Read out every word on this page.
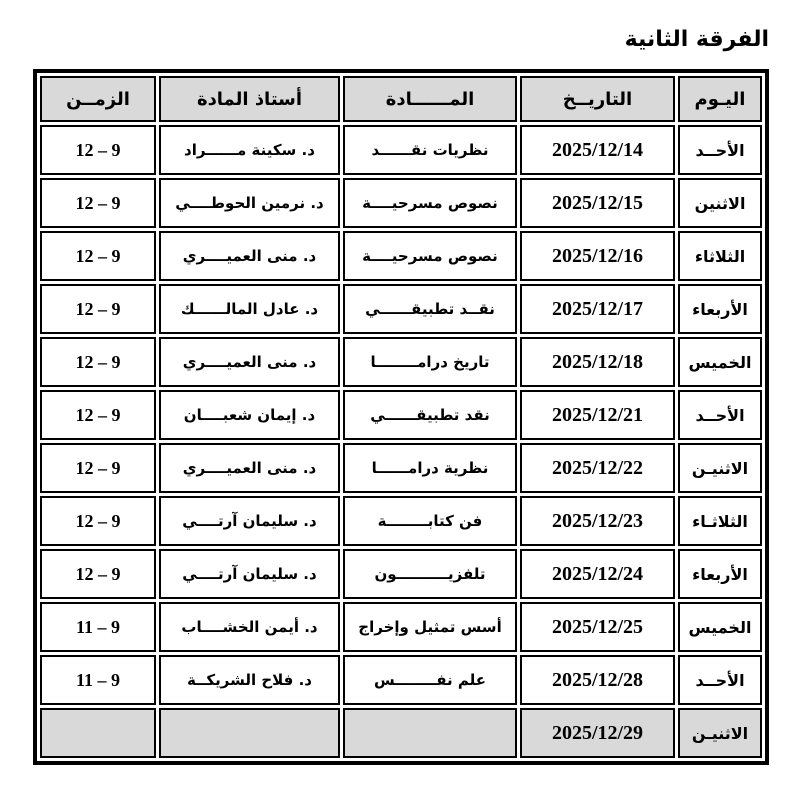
الفرقة الثانية
اليـوم	التاريــخ	المــــــادة	أستاذ المادة	الزمــن
الأحــد	2025/12/14	نظريات نقــــــد	د. سكينة مــــــراد	9 – 12
الاثنين	2025/12/15	نصوص مسرحيــــة	د. نرمين الحوطــــي	9 – 12
الثلاثاء	2025/12/16	نصوص مسرحيــــة	د. منى العميــــري	9 – 12
الأربعاء	2025/12/17	نقــد تطبيقــــــي	د. عادل المالــــــك	9 – 12
الخميس	2025/12/18	تاريخ درامــــــــا	د. منى العميــــري	9 – 12
الأحــد	2025/12/21	نقد تطبيقــــــي	د. إيمان شعبــــان	9 – 12
الاثنيـن	2025/12/22	نظرية درامــــــا	د. منى العميــــري	9 – 12
الثلاثـاء	2025/12/23	فن كتابــــــــة	د. سليمان آرتــــي	9 – 12
الأربعاء	2025/12/24	تلفزيــــــــــون	د. سليمان آرتــــي	9 – 12
الخميس	2025/12/25	أسس تمثيل وإخراج	د. أيمن الخشــــاب	9 – 11
الأحــد	2025/12/28	علم نفــــــــس	د. فلاح الشريكــة	9 – 11
الاثنيـن	2025/12/29			
